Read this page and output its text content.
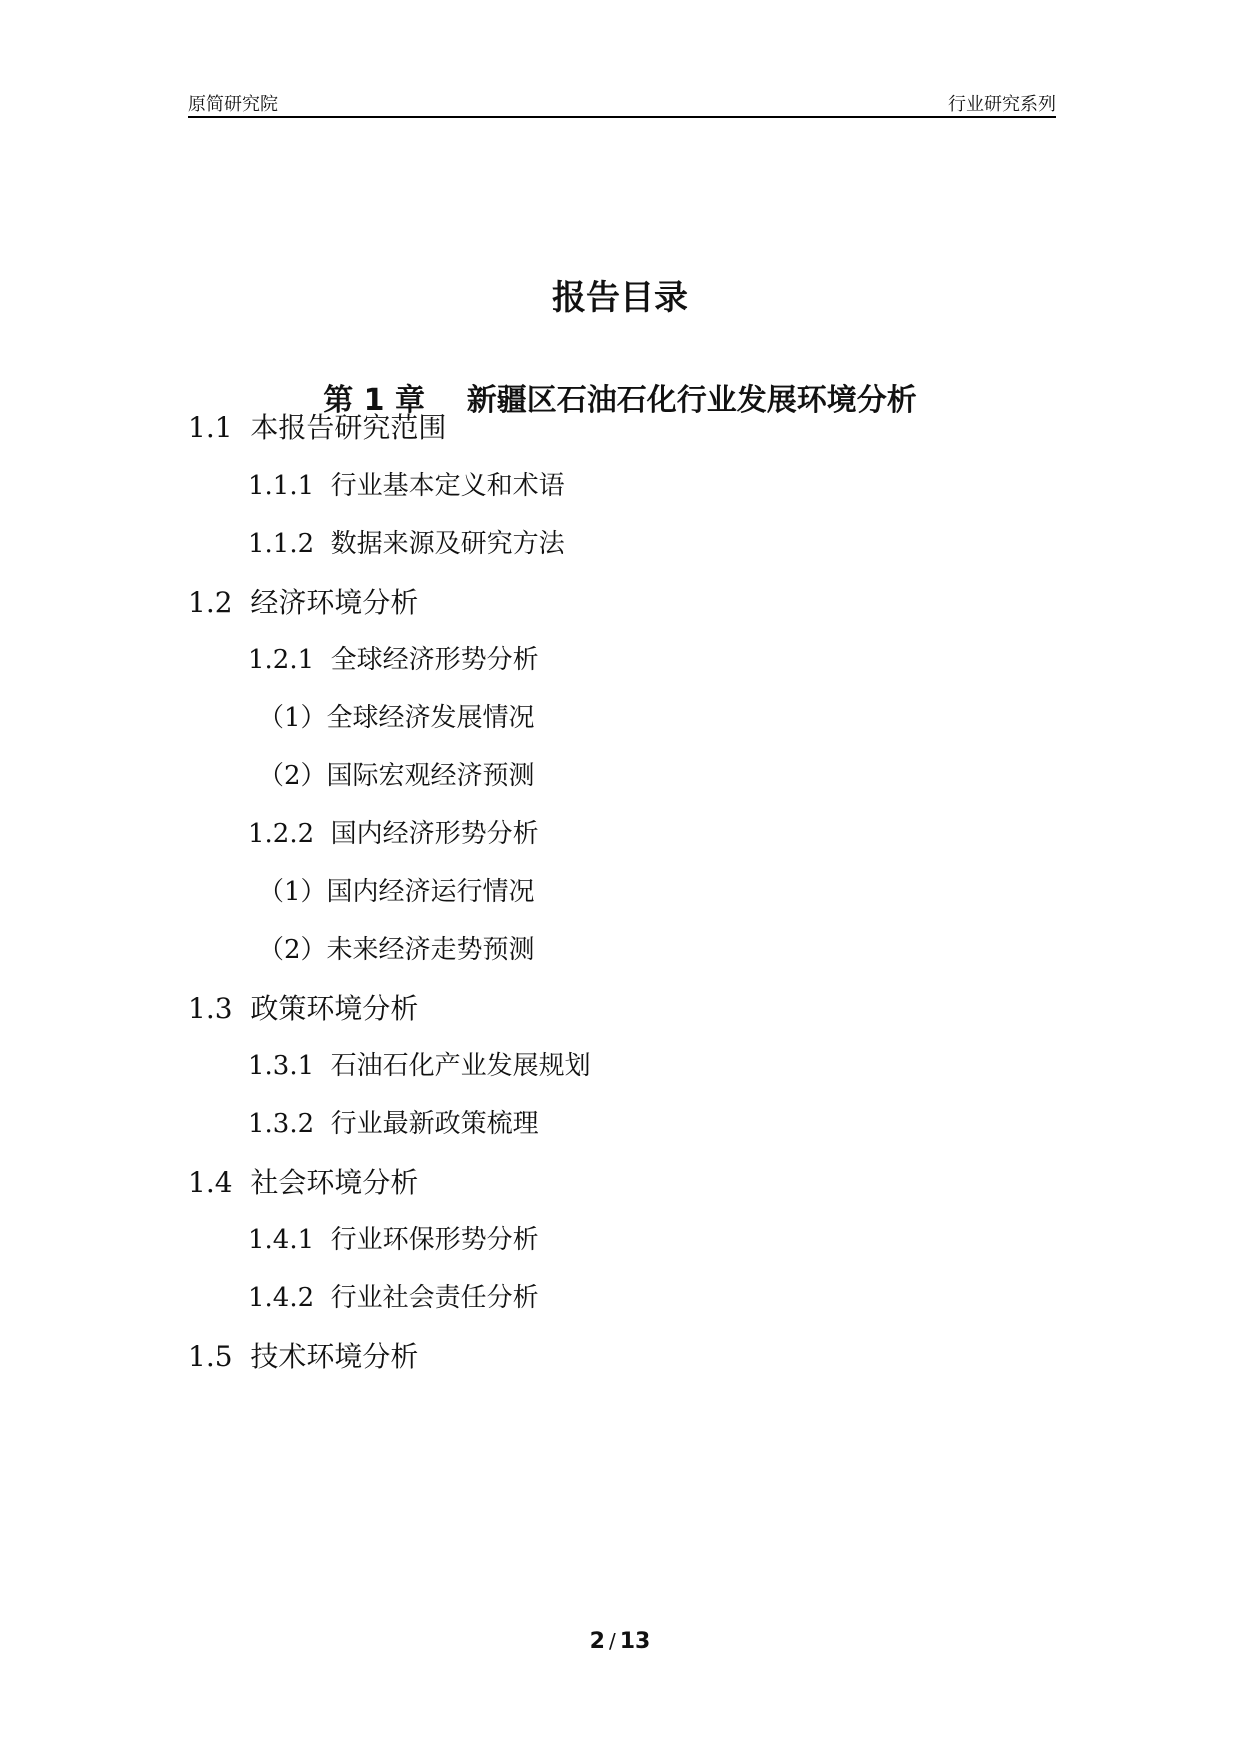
原简研究院	行业研究系列
报告目录
第 1 章    新疆区石油石化行业发展环境分析
1.1  本报告研究范围
1.1.1  行业基本定义和术语
1.1.2  数据来源及研究方法
1.2  经济环境分析
1.2.1  全球经济形势分析
（1）全球经济发展情况
（2）国际宏观经济预测
1.2.2  国内经济形势分析
（1）国内经济运行情况
（2）未来经济走势预测
1.3  政策环境分析
1.3.1  石油石化产业发展规划
1.3.2  行业最新政策梳理
1.4  社会环境分析
1.4.1  行业环保形势分析
1.4.2  行业社会责任分析
1.5  技术环境分析
2 / 13
